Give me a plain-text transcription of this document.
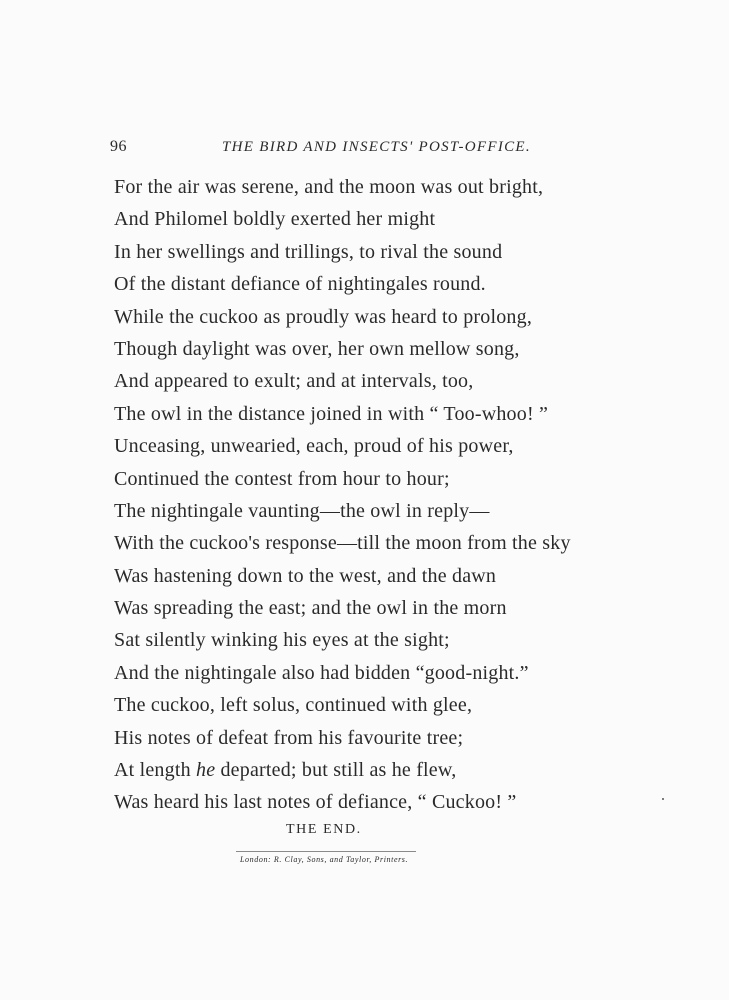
96	THE BIRD AND INSECTS' POST-OFFICE.
For the air was serene, and the moon was out bright,
And Philomel boldly exerted her might
In her swellings and trillings, to rival the sound
Of the distant defiance of nightingales round.
While the cuckoo as proudly was heard to prolong,
Though daylight was over, her own mellow song,
And appeared to exult; and at intervals, too,
The owl in the distance joined in with “ Too-whoo! ”
Unceasing, unwearied, each, proud of his power,
Continued the contest from hour to hour;
The nightingale vaunting—the owl in reply—
With the cuckoo's response—till the moon from the sky
Was hastening down to the west, and the dawn
Was spreading the east; and the owl in the morn
Sat silently winking his eyes at the sight;
And the nightingale also had bidden “good-night.”
The cuckoo, left solus, continued with glee,
His notes of defeat from his favourite tree;
At length he departed; but still as he flew,
Was heard his last notes of defiance, “ Cuckoo! ”
THE END.
London: R. Clay, Sons, and Taylor, Printers.
